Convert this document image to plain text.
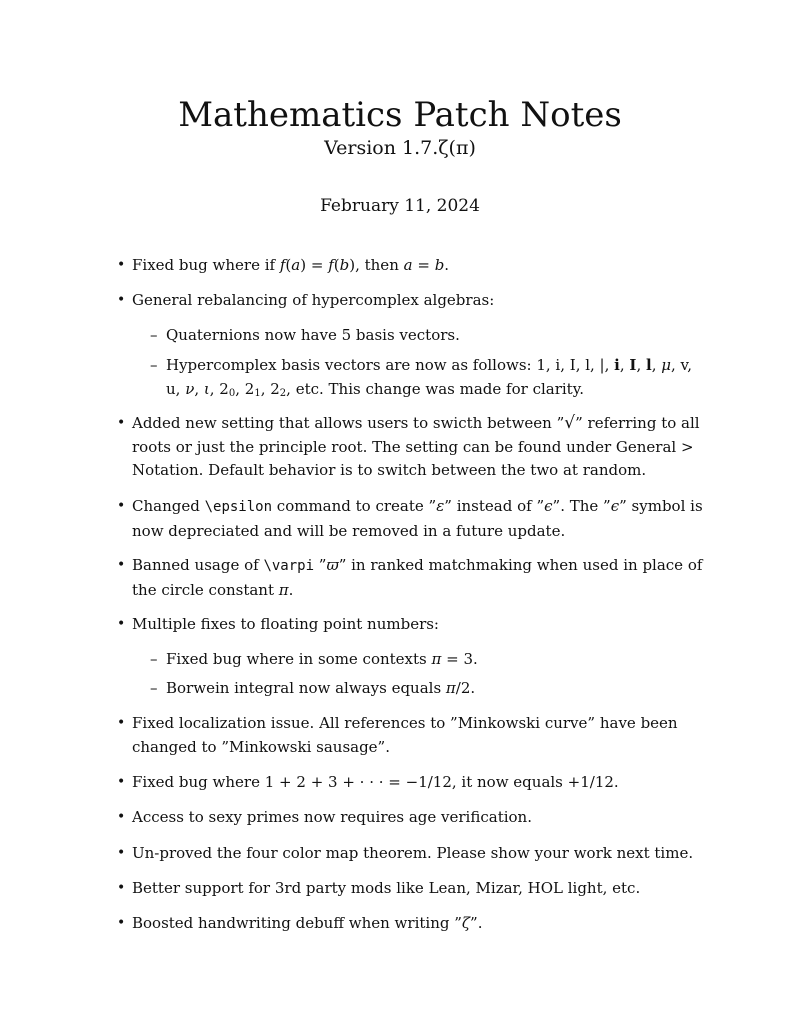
Mathematics Patch Notes
Version 1.7.ζ(π)
February 11, 2024
• Fixed bug where if f(a) = f(b), then a = b.
• General rebalancing of hypercomplex algebras:
– Quaternions now have 5 basis vectors.
– Hypercomplex basis vectors are now as follows: 1, i, I, l, |, i, I, l, μ, v, u, ν, ι, $2_0$, $2_1$, $2_2$, etc. This change was made for clarity.
• Added new setting that allows users to swicth between ”√” referring to all roots or just the principle root. The setting can be found under General > Notation. Default behavior is to switch between the two at random.
• Changed \epsilon command to create ”ε” instead of ”ϵ”. The ”ϵ” symbol is now depreciated and will be removed in a future update.
• Banned usage of \varpi ”ϖ” in ranked matchmaking when used in place of the circle constant π.
• Multiple fixes to floating point numbers:
– Fixed bug where in some contexts π = 3.
– Borwein integral now always equals π/2.
• Fixed localization issue. All references to ”Minkowski curve” have been changed to ”Minkowski sausage”.
• Fixed bug where 1 + 2 + 3 + · · · = −1/12, it now equals +1/12.
• Access to sexy primes now requires age verification.
• Un-proved the four color map theorem. Please show your work next time.
• Better support for 3rd party mods like Lean, Mizar, HOL light, etc.
• Boosted handwriting debuff when writing ”ζ”.
